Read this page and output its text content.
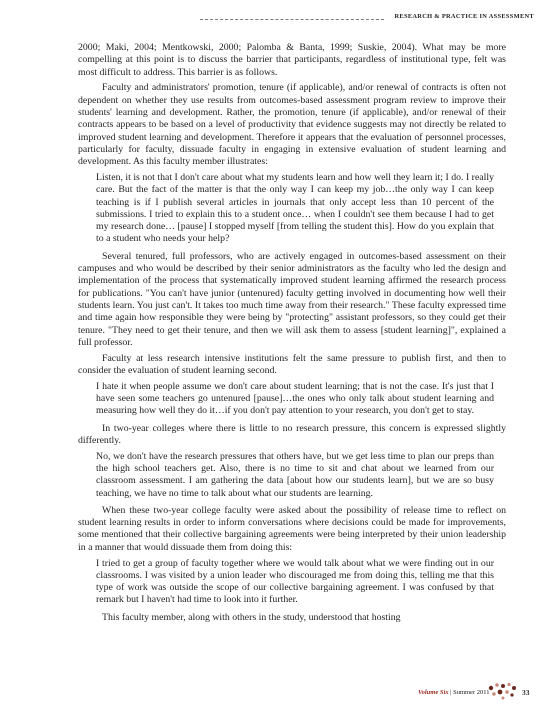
RESEARCH & PRACTICE IN ASSESSMENT

2000; Maki, 2004; Mentkowski, 2000; Palomba & Banta, 1999; Suskie, 2004). What may be more compelling at this point is to discuss the barrier that participants, regardless of institutional type, felt was most difficult to address. This barrier is as follows.

Faculty and administrators' promotion, tenure (if applicable), and/or renewal of contracts is often not dependent on whether they use results from outcomes-based assessment program review to improve their students' learning and development. Rather, the promotion, tenure (if applicable), and/or renewal of their contracts appears to be based on a level of productivity that evidence suggests may not directly be related to improved student learning and development. Therefore it appears that the evaluation of personnel processes, particularly for faculty, dissuade faculty in engaging in extensive evaluation of student learning and development. As this faculty member illustrates:

Listen, it is not that I don't care about what my students learn and how well they learn it; I do. I really care. But the fact of the matter is that the only way I can keep my job…the only way I can keep teaching is if I publish several articles in journals that only accept less than 10 percent of the submissions. I tried to explain this to a student once… when I couldn't see them because I had to get my research done… [pause] I stopped myself [from telling the student this]. How do you explain that to a student who needs your help?

Several tenured, full professors, who are actively engaged in outcomes-based assessment on their campuses and who would be described by their senior administrators as the faculty who led the design and implementation of the process that systematically improved student learning affirmed the research process for publications. "You can't have junior (untenured) faculty getting involved in documenting how well their students learn. You just can't. It takes too much time away from their research." These faculty expressed time and time again how responsible they were being by "protecting" assistant professors, so they could get their tenure. "They need to get their tenure, and then we will ask them to assess [student learning]", explained a full professor.

Faculty at less research intensive institutions felt the same pressure to publish first, and then to consider the evaluation of student learning second.

I hate it when people assume we don't care about student learning; that is not the case. It's just that I have seen some teachers go untenured [pause]…the ones who only talk about student learning and measuring how well they do it…if you don't pay attention to your research, you don't get to stay.

In two-year colleges where there is little to no research pressure, this concern is expressed slightly differently.

No, we don't have the research pressures that others have, but we get less time to plan our preps than the high school teachers get. Also, there is no time to sit and chat about we learned from our classroom assessment. I am gathering the data [about how our students learn], but we are so busy teaching, we have no time to talk about what our students are learning.

When these two-year college faculty were asked about the possibility of release time to reflect on student learning results in order to inform conversations where decisions could be made for improvements, some mentioned that their collective bargaining agreements were being interpreted by their union leadership in a manner that would dissuade them from doing this:

I tried to get a group of faculty together where we would talk about what we were finding out in our classrooms. I was visited by a union leader who discouraged me from doing this, telling me that this type of work was outside the scope of our collective bargaining agreement. I was confused by that remark but I haven't had time to look into it further.

This faculty member, along with others in the study, understood that hosting

Volume Six | Summer 2011	33
